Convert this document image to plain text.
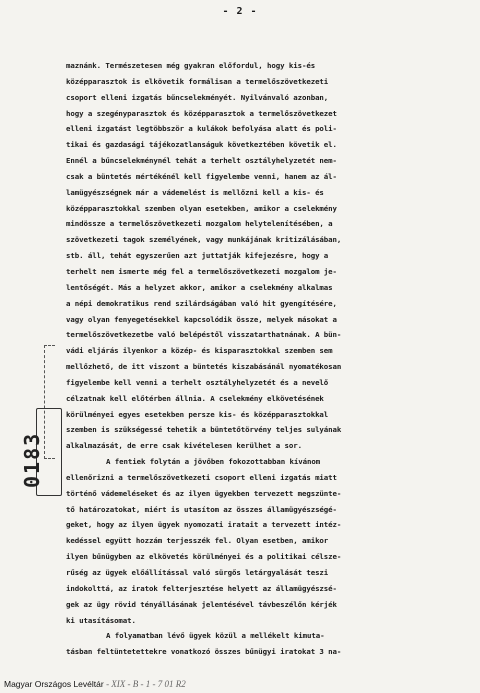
- 2 -
maznánk. Természetesen még gyakran előfordul, hogy kis-és
középparasztok is elkövetik formálisan a termelőszövetkezeti
csoport elleni izgatás bűncselekményét. Nyilvánvaló azonban,
hogy a szegényparasztok és középparasztok a termelőszövetkezet
elleni izgatást legtöbbször a kulákok befolyása alatt és poli-
tikai és gazdasági tájékozatlanságuk következtében követik el.
Ennél a bűncselekménynél tehát a terhelt osztályhelyzetét nem-
csak a büntetés mértékénél kell figyelembe venni, hanem az ál-
lamügyészségnek már a vádemelést is mellőzni kell a kis- és
középparasztokkal szemben olyan esetekben, amikor a cselekmény
mindössze a termelőszövetkezeti mozgalom helytelenítésében, a
szövetkezeti tagok személyének, vagy munkájának kritizálásában,
stb. áll, tehát egyszerűen azt juttatják kifejezésre, hogy a
terhelt nem ismerte még fel a termelőszövetkezeti mozgalom je-
lentőségét. Más a helyzet akkor, amikor a cselekmény alkalmas
a népi demokratikus rend szilárdságában való hit gyengítésére,
vagy olyan fenyegetésekkel kapcsolódik össze, melyek másokat a
termelőszövetkezetbe való belépéstől visszatarthatnának. A bün-
vádi eljárás ilyenkor a közép- és kisparasztokkal szemben sem
mellőzhető, de itt viszont a büntetés kiszabásánál nyomatékosan
figyelembe kell venni a terhelt osztályhelyzetét és a nevelő
célzatnak kell előtérben állnia. A cselekmény elkövetésének
körülményei egyes esetekben persze kis- és középparasztokkal
szemben is szükségessé tehetik a büntetőtörvény teljes sulyának
alkalmazását, de erre csak kivételesen kerülhet a sor.
A fentiek folytán a jövőben fokozottabban kívánom
ellenőrizni a termelőszövetkezeti csoport elleni izgatás miatt
történő vádemeléseket és az ilyen ügyekben tervezett megszünte-
tő határozatokat, miért is utasítom az összes államügyészségé-
geket, hogy az ilyen ügyek nyomozati iratait a tervezett intéz-
kedéssel együtt hozzám terjesszék fel. Olyan esetben, amikor
ilyen bűnügyben az elkövetés körülményei és a politikai célsze-
rűség az ügyek előállítással való sürgős letárgyalását teszi
indokolttá, az iratok felterjesztése helyett az államügyészsé-
gek az ügy rövid tényállásának jelentésével távbeszélőn kérjék
ki utasításomat.
A folyamatban lévő ügyek közül a mellékelt kimuta-
tásban feltüntetettekre vonatkozó összes bűnügyi iratokat 3 na-
0183
Magyar Országos Levéltár - XIX - B - 1 - 7 01 R2
